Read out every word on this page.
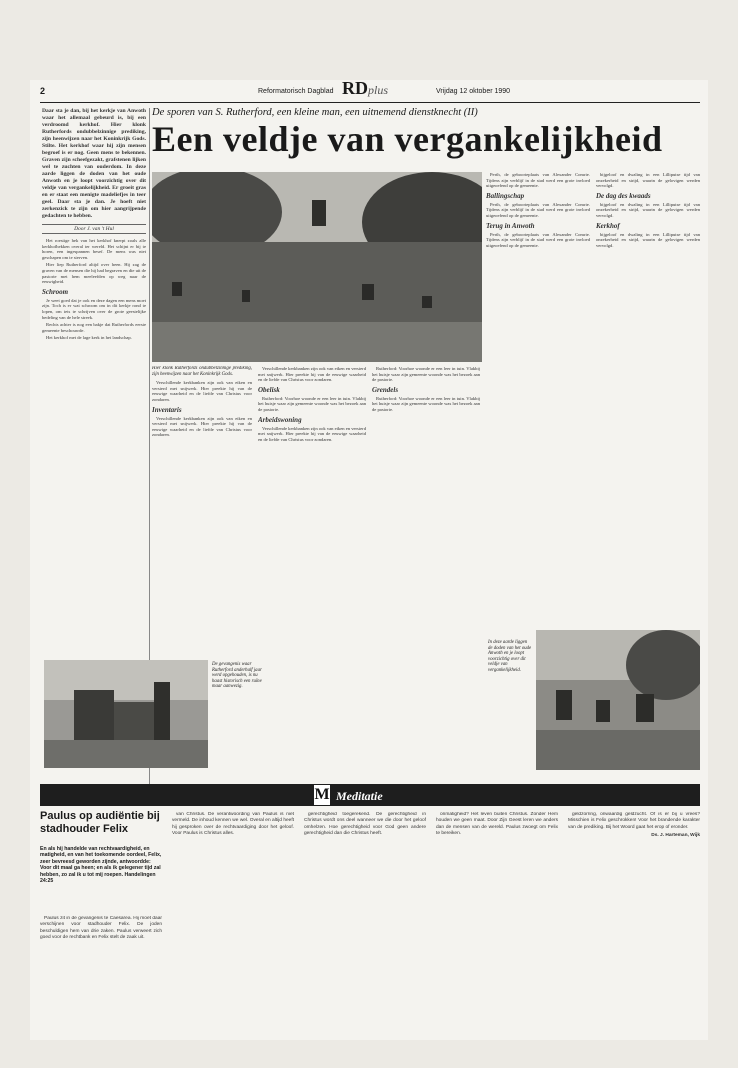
2	Reformatorisch Dagblad RDplus	Vrijdag 12 oktober 1990
Daar sta je dan, bij het kerkje van Anwoth waar het allemaal gebeurd is, bij een verdroomd kerkhof. Hier klonk Rutherfords ondubbelzinnige prediking, zijn heenwijzen naar het Koninkrijk Gods. Stilte. Het kerkhof waar hij zijn mensen begroef is er nog. Geen mens te bekennen. Graven zijn scheefgezakt, grafstenen lijken wel te zuchten van ouderdom. In deze aarde liggen de doden van het oude Anwoth en je loopt voorzichtig over dit veldje van vergankelijkheid. Er groeit gras en er staat een menigte madeliefjes in teer geel. Daar sta je dan. Je hoeft niet zerkenzick te zijn om hier aangrijpende gedachten te hebben.
Door J. van 't Hul

Het roestige hek van het kerkhof knerpt zoals alle kerkhofhekken overal ter wereld. Het schijnt er bij te horen, een ingespannen besef. De mens was niet geschapen om te sterven.

Hier liep Rutherford altijd over heen. Hij zag de graven van de mensen die hij had begraven en die uit de pastorie met hem meeleefden op weg naar de eeuwigheid.

Schroom

Je weet goed dat je ook en deze dagen een mens moet zijn. Toch is er wat schroom om in dit kerkje rond te lopen, om iets te schrijven over de grote geestelijke bedeling van de hele streek.

Rechts achter is nog een bakje dat Rutherfords eerste gemeente beschouwde.

Het kerkhof met de lage kerk in het landschap.

De sporen van S. Rutherford, een kleine man, een uitnemend dienstknecht (II)
Een veldje van vergankelijkheid
Hier klonk Rutherfords ondubbelzinnige prediking, zijn heenwijzen naar het Koninkrijk Gods.

Verschillende kerkbanken zijn ook van eiken en versierd met snijwerk. Hier preekte hij van de eeuwige waarheid en de liefde van Christus voor zondaren.

Inventaris

Verschillende kerkbanken zijn ook van eiken en versierd met snijwerk. Hier preekte hij van de eeuwige waarheid en de liefde van Christus voor zondaren.

Verschillende kerkbanken zijn ook van eiken en versierd met snijwerk. Hier preekte hij van de eeuwige waarheid en de liefde van Christus voor zondaren.

Obelisk

Rutherford: Voorhoe woonde er een leer in tuin. Vlakbij het huisje waar zijn gemeente woonde was het bezoek aan de pastorie.

Arbeidswoning

Verschillende kerkbanken zijn ook van eiken en versierd met snijwerk. Hier preekte hij van de eeuwige waarheid en de liefde van Christus voor zondaren.

Rutherford: Voorhoe woonde er een leer in tuin. Vlakbij het huisje waar zijn gemeente woonde was het bezoek aan de pastorie.

Grendels

Rutherford: Voorhoe woonde er een leer in tuin. Vlakbij het huisje waar zijn gemeente woonde was het bezoek aan de pastorie.

Perth, de geboorteplaats van Alexander Comrie. Tijdens zijn verblijf in de stad werd een grote invloed uitgeoefend op de gemeente.

Ballingschap

Perth, de geboorteplaats van Alexander Comrie. Tijdens zijn verblijf in de stad werd een grote invloed uitgeoefend op de gemeente.

Terug in Anwoth

Perth, de geboorteplaats van Alexander Comrie. Tijdens zijn verblijf in de stad werd een grote invloed uitgeoefend op de gemeente.

bijgeloof en dwaling in een Lilliputse tijd van onzekerheid en strijd, waarin de gelovigen werden vervolgd.

De dag des kwaads

bijgeloof en dwaling in een Lilliputse tijd van onzekerheid en strijd, waarin de gelovigen werden vervolgd.

Kerkhof

bijgeloof en dwaling in een Lilliputse tijd van onzekerheid en strijd, waarin de gelovigen werden vervolgd.

De gevangenis waar Rutherford anderhalf jaar werd opgehouden, is nu haast historisch een ruïne maar aanwezig.
In deze aarde liggen de doden van het oude Anwoth en je loopt voorzichtig over dit veldje van vergankelijkheid.
M Meditatie
Paulus op audiëntie bij stadhouder Felix
En als hij handelde van rechtvaardigheid, en matigheid, en van het toekomende oordeel, Felix, zeer bevreesd geworden zijnde, antwoordde: Voor dit maal ga heen; en als ik gelegener tijd zal hebben, zo zal ik u tot mij roepen. Handelingen 24:25

Paulus zit in de gevangenis te Caesarea. Hij moet daar verschijnen voor stadhouder Felix. De joden beschuldigen hem van drie zaken. Paulus verweert zich goed voor de rechtbank en Felix stelt de zaak uit.

van Christus. De verantwoording van Paulus is niet vermeld. De inhoud kennen we wel. Overal en altijd heeft hij gesproken over de rechtvaardiging door het geloof. Voor Paulus is Christus alles.

gerechtigheid toegerekend. De gerechtigheid in Christus wordt ons deel wanneer we die door het geloof omhelzen. Hoe gerechtigheid voor God geen andere gerechtigheid dan die Christus heeft.

onmatigheid? Het leven buiten Christus. Zonder Hem houden we geen maat. Door Zijn Geest leren we anders dan de mensen van de wereld. Paulus zwoegt om Felix te bereiken.

geldzorring, onwaardig geldzucht. Of is er bij u vrees? Misschien is Felix geschrokken! Voor het brandende karakter van de prediking. Bij het Woord gaat het erop of eronder.

Ds. J. Harteman, Wijk
